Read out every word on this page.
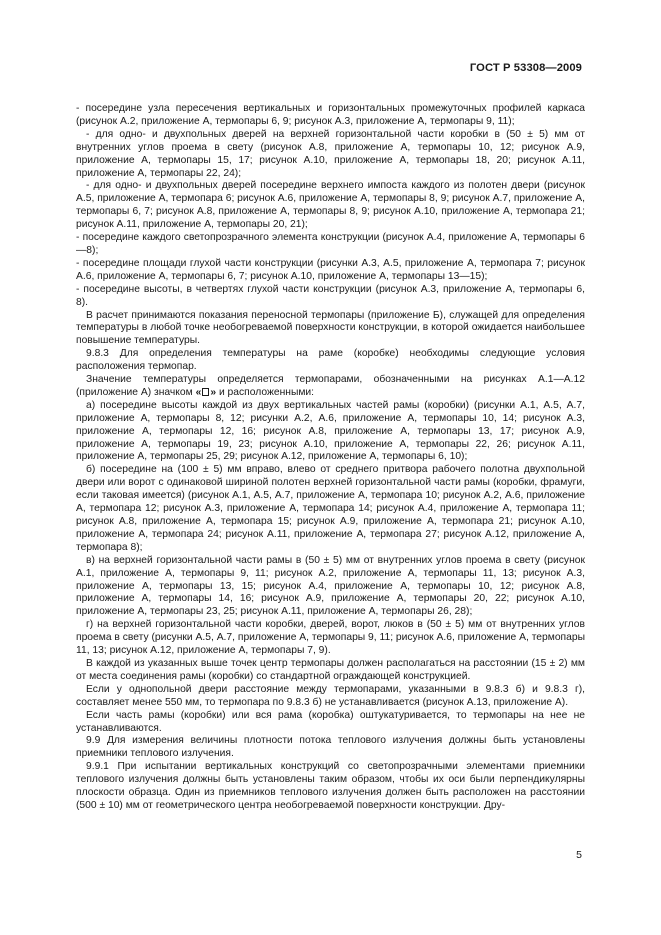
ГОСТ Р 53308—2009

- посередине узла пересечения вертикальных и горизонтальных промежуточных профилей каркаса (рисунок А.2, приложение А, термопары 6, 9; рисунок А.3, приложение А, термопары 9, 11);

- для одно- и двухпольных дверей на верхней горизонтальной части коробки в (50 ± 5) мм от внутренних углов проема в свету (рисунок А.8, приложение А, термопары 10, 12; рисунок А.9, приложение А, термопары 15, 17; рисунок А.10, приложение А, термопары 18, 20; рисунок А.11, приложение А, термопары 22, 24);

- для одно- и двухпольных дверей посередине верхнего импоста каждого из полотен двери (рисунок А.5, приложение А, термопара 6; рисунок А.6, приложение А, термопары 8, 9; рисунок А.7, приложение А, термопары 6, 7; рисунок А.8, приложение А, термопары 8, 9; рисунок А.10, приложение А, термопара 21; рисунок А.11, приложение А, термопары 20, 21);

- посередине каждого светопрозрачного элемента конструкции (рисунок А.4, приложение А, термопары 6—8);

- посередине площади глухой части конструкции (рисунки А.3, А.5, приложение А, термопара 7; рисунок А.6, приложение А, термопары 6, 7; рисунок А.10, приложение А, термопары 13—15);

- посередине высоты, в четвертях глухой части конструкции (рисунок А.3, приложение А, термопары 6, 8).

В расчет принимаются показания переносной термопары (приложение Б), служащей для определения температуры в любой точке необогреваемой поверхности конструкции, в которой ожидается наибольшее повышение температуры.

9.8.3 Для определения температуры на раме (коробке) необходимы следующие условия расположения термопар.

Значение температуры определяется термопарами, обозначенными на рисунках А.1—А.12 (приложение А) значком « » и расположенными:

а) посередине высоты каждой из двух вертикальных частей рамы (коробки) (рисунки А.1, А.5, А.7, приложение А, термопары 8, 12; рисунки А.2, А.6, приложение А, термопары 10, 14; рисунок А.3, приложение А, термопары 12, 16; рисунок А.8, приложение А, термопары 13, 17; рисунок А.9, приложение А, термопары 19, 23; рисунок А.10, приложение А, термопары 22, 26; рисунок А.11, приложение А, термопары 25, 29; рисунок А.12, приложение А, термопары 6, 10);

б) посередине на (100 ± 5) мм вправо, влево от среднего притвора рабочего полотна двухпольной двери или ворот с одинаковой шириной полотен верхней горизонтальной части рамы (коробки, фрамуги, если таковая имеется) (рисунок А.1, А.5, А.7, приложение А, термопара 10; рисунок А.2, А.6, приложение А, термопара 12; рисунок А.3, приложение А, термопара 14; рисунок А.4, приложение А, термопара 11; рисунок А.8, приложение А, термопара 15; рисунок А.9, приложение А, термопара 21; рисунок А.10, приложение А, термопара 24; рисунок А.11, приложение А, термопара 27; рисунок А.12, приложение А, термопара 8);

в) на верхней горизонтальной части рамы в (50 ± 5) мм от внутренних углов проема в свету (рисунок А.1, приложение А, термопары 9, 11; рисунок А.2, приложение А, термопары 11, 13; рисунок А.3, приложение А, термопары 13, 15; рисунок А.4, приложение А, термопары 10, 12; рисунок А.8, приложение А, термопары 14, 16; рисунок А.9, приложение А, термопары 20, 22; рисунок А.10, приложение А, термопары 23, 25; рисунок А.11, приложение А, термопары 26, 28);

г) на верхней горизонтальной части коробки, дверей, ворот, люков в (50 ± 5) мм от внутренних углов проема в свету (рисунки А.5, А.7, приложение А, термопары 9, 11; рисунок А.6, приложение А, термопары 11, 13; рисунок А.12, приложение А, термопары 7, 9).

В каждой из указанных выше точек центр термопары должен располагаться на расстоянии (15 ± 2) мм от места соединения рамы (коробки) со стандартной ограждающей конструкцией.

Если у однопольной двери расстояние между термопарами, указанными в 9.8.3 б) и 9.8.3 г), составляет менее 550 мм, то термопара по 9.8.3 б) не устанавливается (рисунок А.13, приложение А).

Если часть рамы (коробки) или вся рама (коробка) оштукатуривается, то термопары на нее не устанавливаются.

9.9 Для измерения величины плотности потока теплового излучения должны быть установлены приемники теплового излучения.

9.9.1 При испытании вертикальных конструкций со светопрозрачными элементами приемники теплового излучения должны быть установлены таким образом, чтобы их оси были перпендикулярны плоскости образца. Один из приемников теплового излучения должен быть расположен на расстоянии (500 ± 10) мм от геометрического центра необогреваемой поверхности конструкции. Дру-

5
